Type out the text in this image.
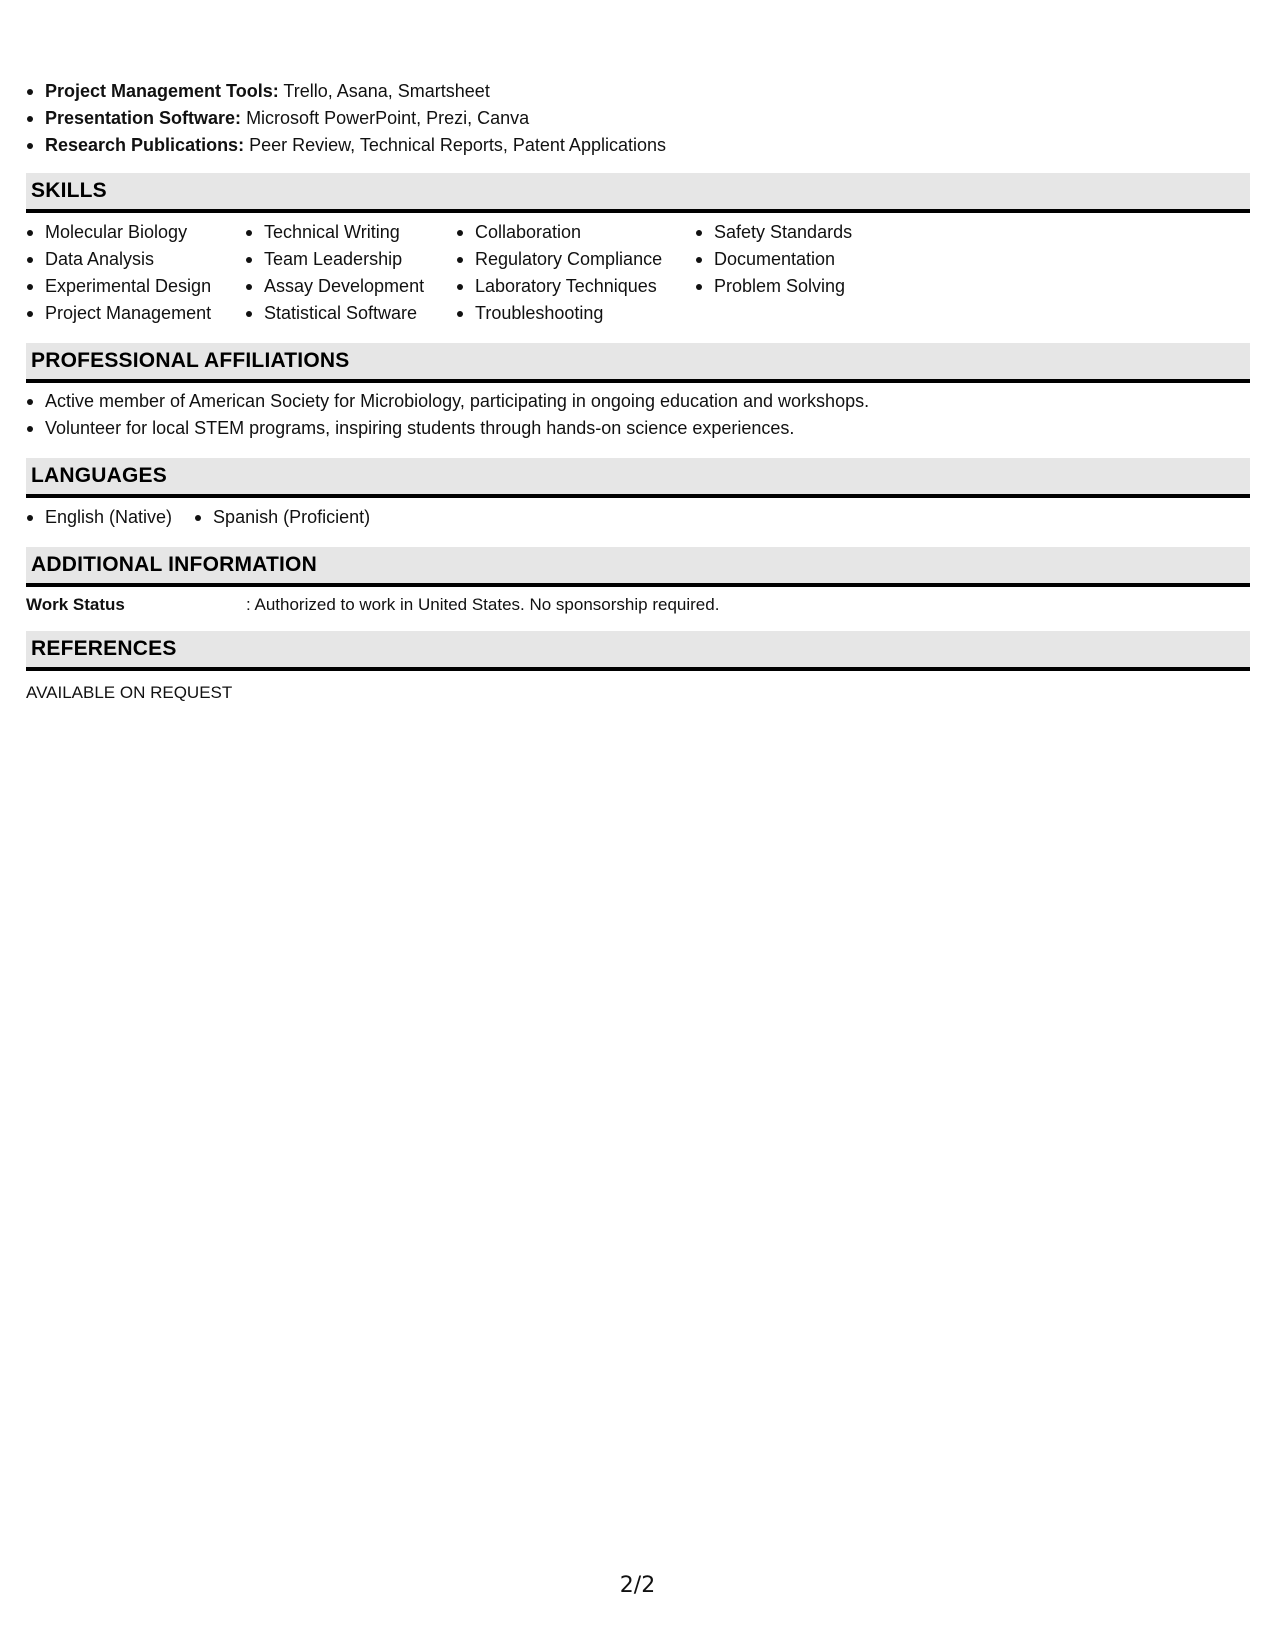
Project Management Tools: Trello, Asana, Smartsheet
Presentation Software: Microsoft PowerPoint, Prezi, Canva
Research Publications: Peer Review, Technical Reports, Patent Applications
SKILLS
Molecular Biology
Data Analysis
Experimental Design
Project Management
Technical Writing
Team Leadership
Assay Development
Statistical Software
Collaboration
Regulatory Compliance
Laboratory Techniques
Troubleshooting
Safety Standards
Documentation
Problem Solving
PROFESSIONAL AFFILIATIONS
Active member of American Society for Microbiology, participating in ongoing education and workshops.
Volunteer for local STEM programs, inspiring students through hands-on science experiences.
LANGUAGES
English (Native)	Spanish (Proficient)
ADDITIONAL INFORMATION
Work Status	: Authorized to work in United States. No sponsorship required.
REFERENCES
AVAILABLE ON REQUEST
2/2
